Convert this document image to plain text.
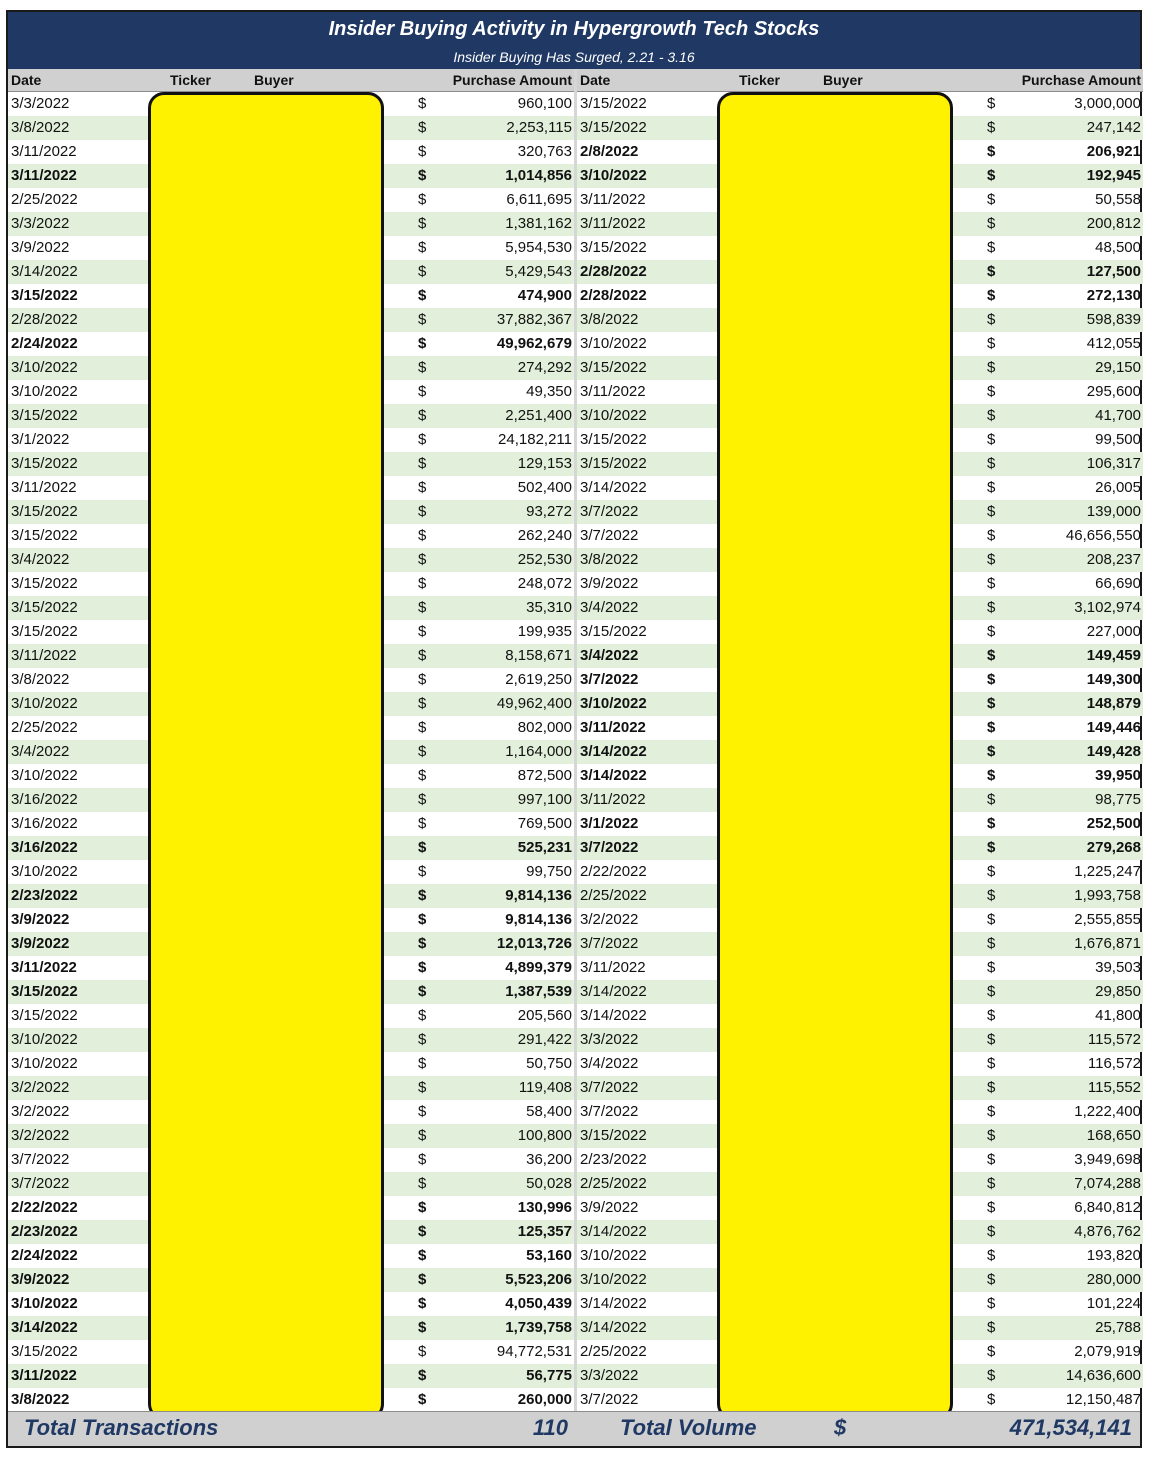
Insider Buying Activity in Hypergrowth Tech Stocks
Insider Buying Has Surged, 2.21 - 3.16
Date	Ticker	Buyer	Purchase Amount
3/3/2022	$	960,100
3/8/2022	$	2,253,115
3/11/2022	$	320,763
3/11/2022	$	1,014,856
2/25/2022	$	6,611,695
3/3/2022	$	1,381,162
3/9/2022	$	5,954,530
3/14/2022	$	5,429,543
3/15/2022	$	474,900
2/28/2022	$	37,882,367
2/24/2022	$	49,962,679
3/10/2022	$	274,292
3/10/2022	$	49,350
3/15/2022	$	2,251,400
3/1/2022	$	24,182,211
3/15/2022	$	129,153
3/11/2022	$	502,400
3/15/2022	$	93,272
3/15/2022	$	262,240
3/4/2022	$	252,530
3/15/2022	$	248,072
3/15/2022	$	35,310
3/15/2022	$	199,935
3/11/2022	$	8,158,671
3/8/2022	$	2,619,250
3/10/2022	$	49,962,400
2/25/2022	$	802,000
3/4/2022	$	1,164,000
3/10/2022	$	872,500
3/16/2022	$	997,100
3/16/2022	$	769,500
3/16/2022	$	525,231
3/10/2022	$	99,750
2/23/2022	$	9,814,136
3/9/2022	$	9,814,136
3/9/2022	$	12,013,726
3/11/2022	$	4,899,379
3/15/2022	$	1,387,539
3/15/2022	$	205,560
3/10/2022	$	291,422
3/10/2022	$	50,750
3/2/2022	$	119,408
3/2/2022	$	58,400
3/2/2022	$	100,800
3/7/2022	$	36,200
3/7/2022	$	50,028
2/22/2022	$	130,996
2/23/2022	$	125,357
2/24/2022	$	53,160
3/9/2022	$	5,523,206
3/10/2022	$	4,050,439
3/14/2022	$	1,739,758
3/15/2022	$	94,772,531
3/11/2022	$	56,775
3/8/2022	$	260,000
Date	Ticker	Buyer	Purchase Amount
3/15/2022	$	3,000,000
3/15/2022	$	247,142
2/8/2022	$	206,921
3/10/2022	$	192,945
3/11/2022	$	50,558
3/11/2022	$	200,812
3/15/2022	$	48,500
2/28/2022	$	127,500
2/28/2022	$	272,130
3/8/2022	$	598,839
3/10/2022	$	412,055
3/15/2022	$	29,150
3/11/2022	$	295,600
3/10/2022	$	41,700
3/15/2022	$	99,500
3/15/2022	$	106,317
3/14/2022	$	26,005
3/7/2022	$	139,000
3/7/2022	$	46,656,550
3/8/2022	$	208,237
3/9/2022	$	66,690
3/4/2022	$	3,102,974
3/15/2022	$	227,000
3/4/2022	$	149,459
3/7/2022	$	149,300
3/10/2022	$	148,879
3/11/2022	$	149,446
3/14/2022	$	149,428
3/14/2022	$	39,950
3/11/2022	$	98,775
3/1/2022	$	252,500
3/7/2022	$	279,268
2/22/2022	$	1,225,247
2/25/2022	$	1,993,758
3/2/2022	$	2,555,855
3/7/2022	$	1,676,871
3/11/2022	$	39,503
3/14/2022	$	29,850
3/14/2022	$	41,800
3/3/2022	$	115,572
3/4/2022	$	116,572
3/7/2022	$	115,552
3/7/2022	$	1,222,400
3/15/2022	$	168,650
2/23/2022	$	3,949,698
2/25/2022	$	7,074,288
3/9/2022	$	6,840,812
3/14/2022	$	4,876,762
3/10/2022	$	193,820
3/10/2022	$	280,000
3/14/2022	$	101,224
3/14/2022	$	25,788
2/25/2022	$	2,079,919
3/3/2022	$	14,636,600
3/7/2022	$	12,150,487
Total Transactions	110 Total Volume	$	471,534,141
